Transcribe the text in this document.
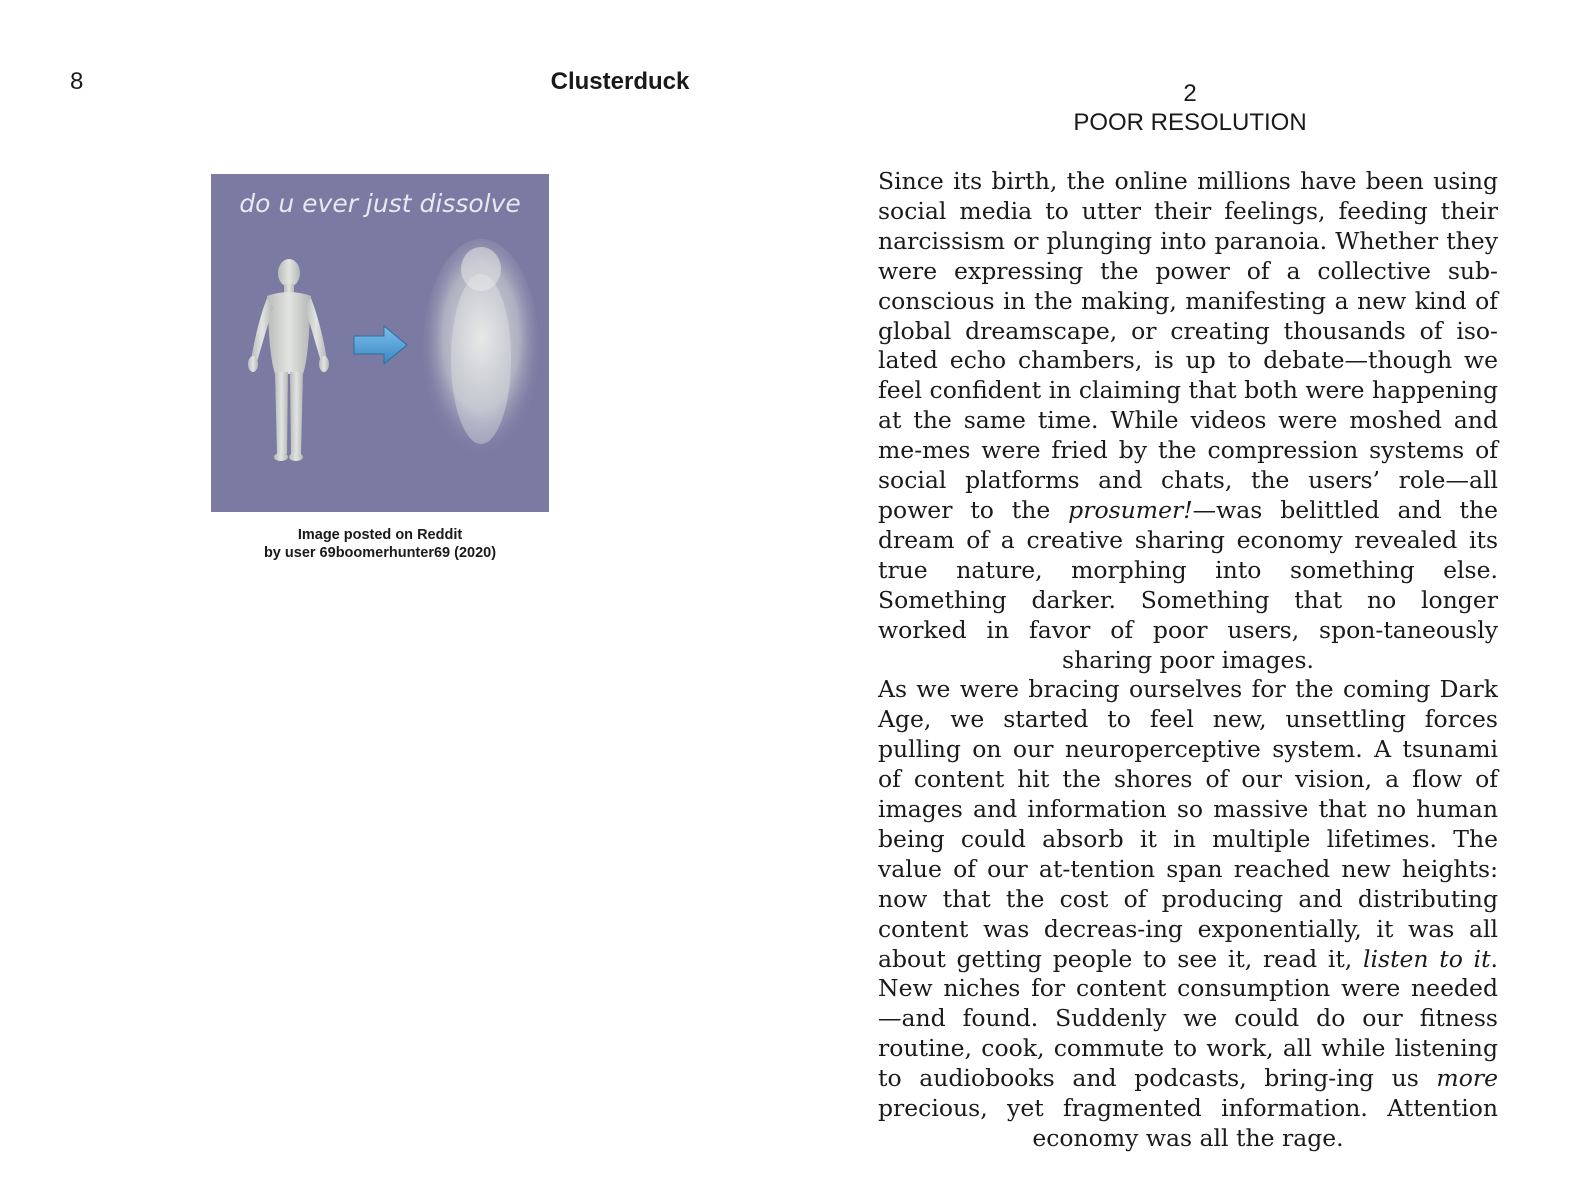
8	Clusterduck	2
POOR RESOLUTION
do u ever just dissolve
Image posted on Reddit
by user 69boomerhunter69 (2020)

Since its birth, the online millions have been using social media to utter their feelings, feeding their narcissism or plunging into paranoia. Whether they were expressing the power of a collective sub-conscious in the making, manifesting a new kind of global dreamscape, or creating thousands of iso-lated echo chambers, is up to debate—though we feel confident in claiming that both were happening at the same time. While videos were moshed and me-mes were fried by the compression systems of social platforms and chats, the users’ role—all power to the prosumer!—was belittled and the dream of a creative sharing economy revealed its true nature, morphing into something else. Something darker. Something that no longer worked in favor of poor users, spon-taneously sharing poor images.

As we were bracing ourselves for the coming Dark Age, we started to feel new, unsettling forces pulling on our neuroperceptive system. A tsunami of content hit the shores of our vision, a flow of images and information so massive that no human being could absorb it in multiple lifetimes. The value of our at-tention span reached new heights: now that the cost of producing and distributing content was decreas-ing exponentially, it was all about getting people to see it, read it, listen to it. New niches for content consumption were needed—and found. Suddenly we could do our fitness routine, cook, commute to work, all while listening to audiobooks and podcasts, bring-ing us more precious, yet fragmented information. Attention economy was all the rage.
